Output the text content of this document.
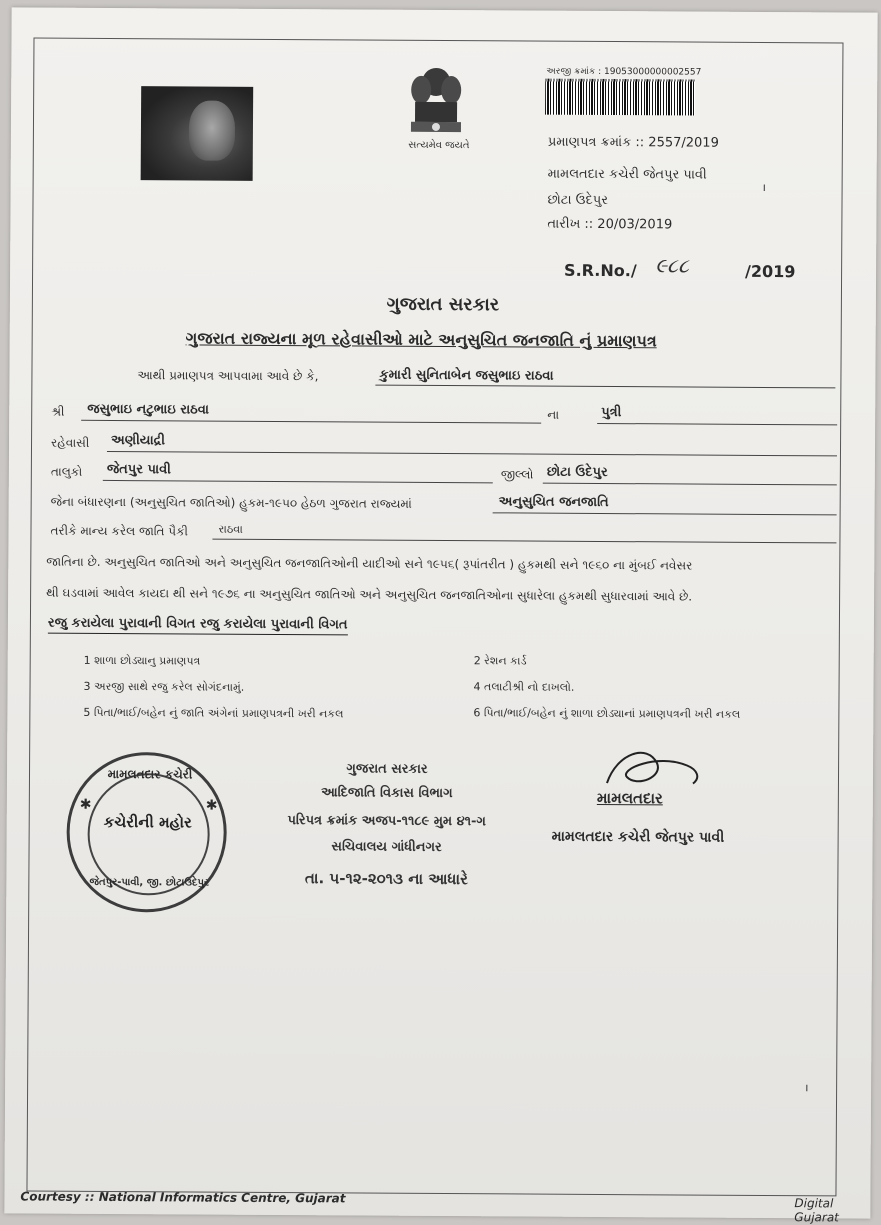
સત્યમેવ જયતે
અરજી ક્રમાંક : 19053000000002557
પ્રમાણપત્ર ક્રમાંક :: 2557/2019
મામલતદાર કચેરી જેતપુર પાવી
છોટા ઉદેપુર
તારીખ :: 20/03/2019
S.R.No./ ૯૮૮	/2019
ગુજરાત સરકાર
ગુજરાત રાજ્યના મૂળ રહેવાસીઓ માટે અનુસુચિત જનજાતિ નું પ્રમાણપત્ર
આથી પ્રમાણપત્ર આપવામા આવે છે કે,	કુમારી સુનિતાબેન જસુભાઇ રાઠવા
શ્રી જસુભાઇ નટુભાઇ રાઠવા	ના	પુત્રી
રહેવાસી અણીયાદ્રી
તાલુકો જેતપુર પાવી	જીલ્લો છોટા ઉદેપુર
જેના બંધારણના (અનુસુચિત જાતિઓ) હુકમ-૧૯૫૦ હેઠળ ગુજરાત રાજ્યમાં	અનુસુચિત જનજાતિ
તરીકે માન્ય કરેલ જાતિ પૈકી	રાઠવા
જાતિના છે. અનુસુચિત જાતિઓ અને અનુસુચિત જનજાતિઓની યાદીઓ સને ૧૯૫૬( રૂપાંતરીત ) હુકમથી સને ૧૯૬૦ ના મુંબઈ નવેસર
થી ઘડવામાં આવેલ કાયદા થી સને ૧૯૭૬ ના અનુસુચિત જાતિઓ અને અનુસુચિત જનજાતિઓના સુધારેલા હુકમથી સુધારવામાં આવે છે.
રજુ કરાયેલા પુરાવાની વિગત રજુ કરાયેલા પુરાવાની વિગત
1 શાળા છોડ્યાનુ પ્રમાણપત્ર	2 રેશન કાર્ડ
3 અરજી સાથે રજુ કરેલ સોગંદનામું.	4 તલાટીશ્રી નો દાખલો.
5 પિતા/ભાઈ/બહેન નું જાતિ અંગેનાં પ્રમાણપત્રની ખરી નકલ	6 પિતા/ભાઈ/બહેન નું શાળા છોડ્યાનાં પ્રમાણપત્રની ખરી નકલ
મામલતદાર કચેરી
કચેરીની મહોર
જેતપુર-પાવી, જી. છોટાઉદેપુર
✱	✱
ગુજરાત સરકાર
આદિજાતિ વિકાસ વિભાગ
પરિપત્ર ક્રમાંક અજપ-૧૧૮૯ મુમ ૪૧-ગ
સચિવાલય ગાંધીનગર
તા. ૫-૧૨-૨૦૧૩ ના આધારે
મામલતદાર
મામલતદાર કચેરી જેતપુર પાવી
ı
ı
Courtesy :: National Informatics Centre, Gujarat	Digital Gujarat
